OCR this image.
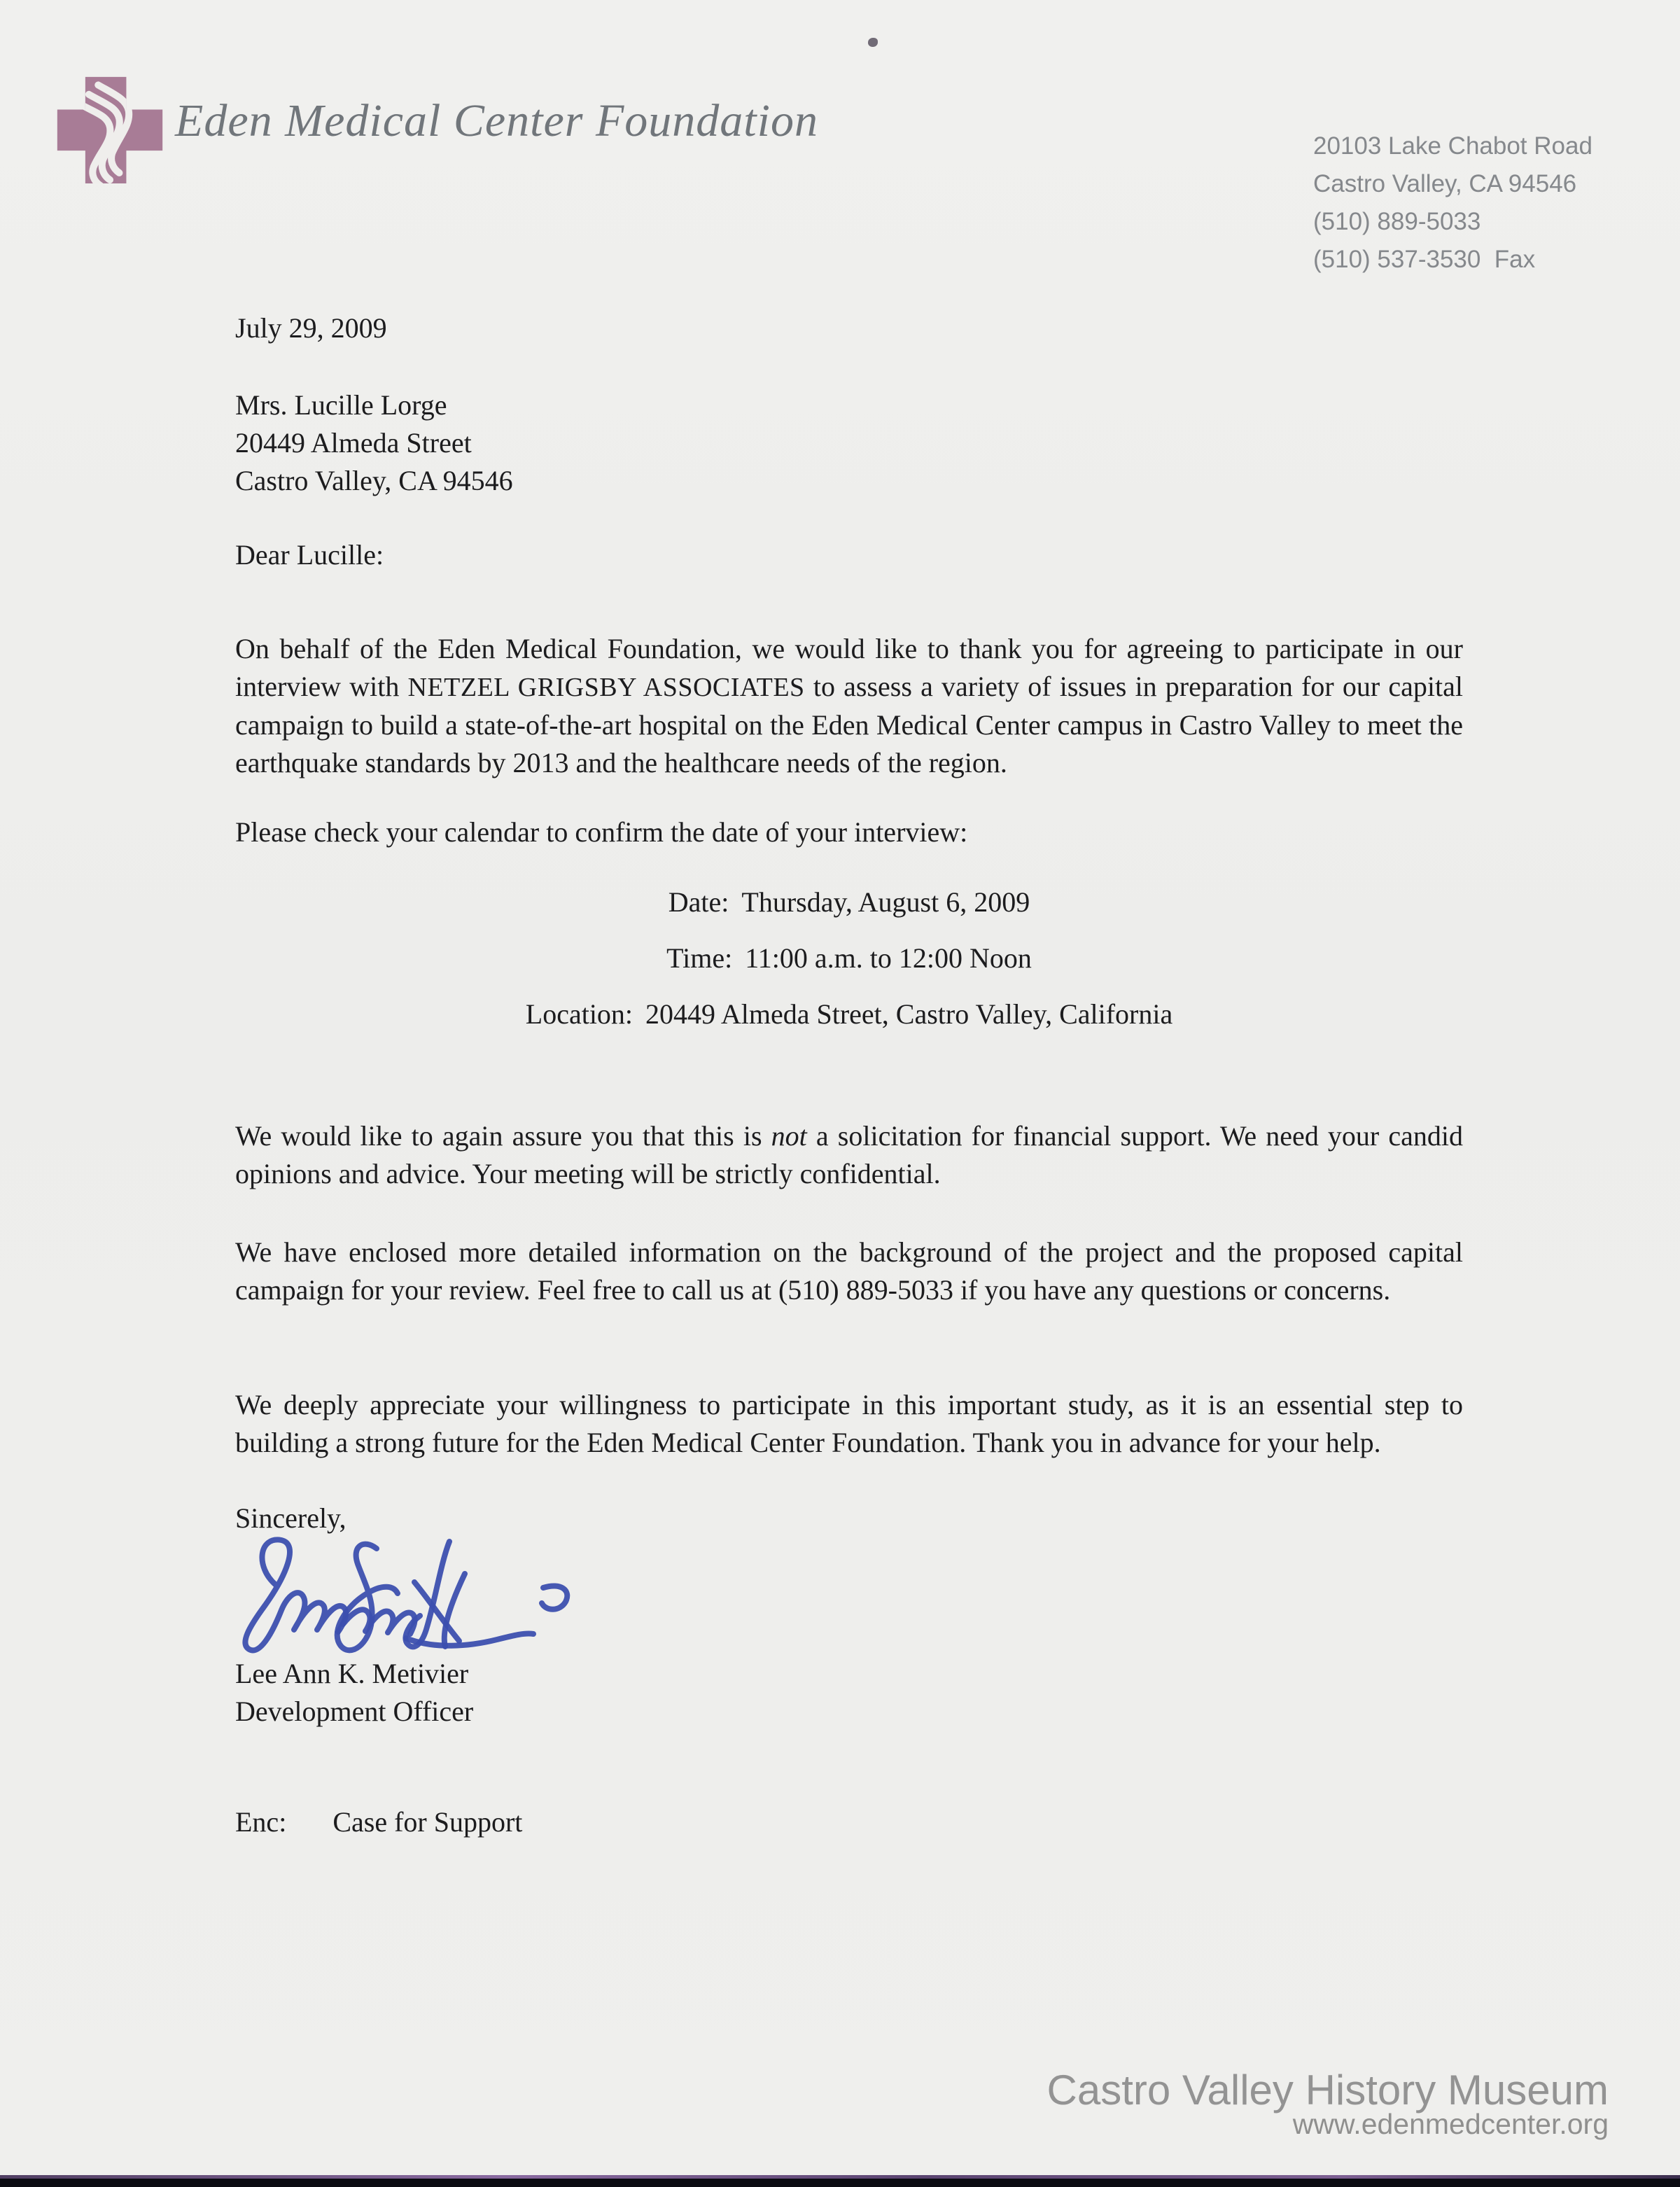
Eden Medical Center Foundation	20103 Lake Chabot Road
Castro Valley, CA 94546
(510) 889-5033
(510) 537-3530  Fax
July 29, 2009
Mrs. Lucille Lorge
20449 Almeda Street
Castro Valley, CA 94546
Dear Lucille:

On behalf of the Eden Medical Foundation, we would like to thank you for agreeing to participate in our interview with NETZEL GRIGSBY ASSOCIATES to assess a variety of issues in preparation for our capital campaign to build a state-of-the-art hospital on the Eden Medical Center campus in Castro Valley to meet the earthquake standards by 2013 and the healthcare needs of the region.

Please check your calendar to confirm the date of your interview:
Date: Thursday, August 6, 2009
Time: 11:00 a.m. to 12:00 Noon
Location: 20449 Almeda Street, Castro Valley, California

We would like to again assure you that this is not a solicitation for financial support. We need your candid opinions and advice. Your meeting will be strictly confidential.

We have enclosed more detailed information on the background of the project and the proposed capital campaign for your review. Feel free to call us at (510) 889-5033 if you have any questions or concerns.

We deeply appreciate your willingness to participate in this important study, as it is an essential step to building a strong future for the Eden Medical Center Foundation. Thank you in advance for your help.

Sincerely,
Lee Ann K. Metivier
Development Officer
Enc: Case for Support
Castro Valley History Museum
www.edenmedcenter.org
